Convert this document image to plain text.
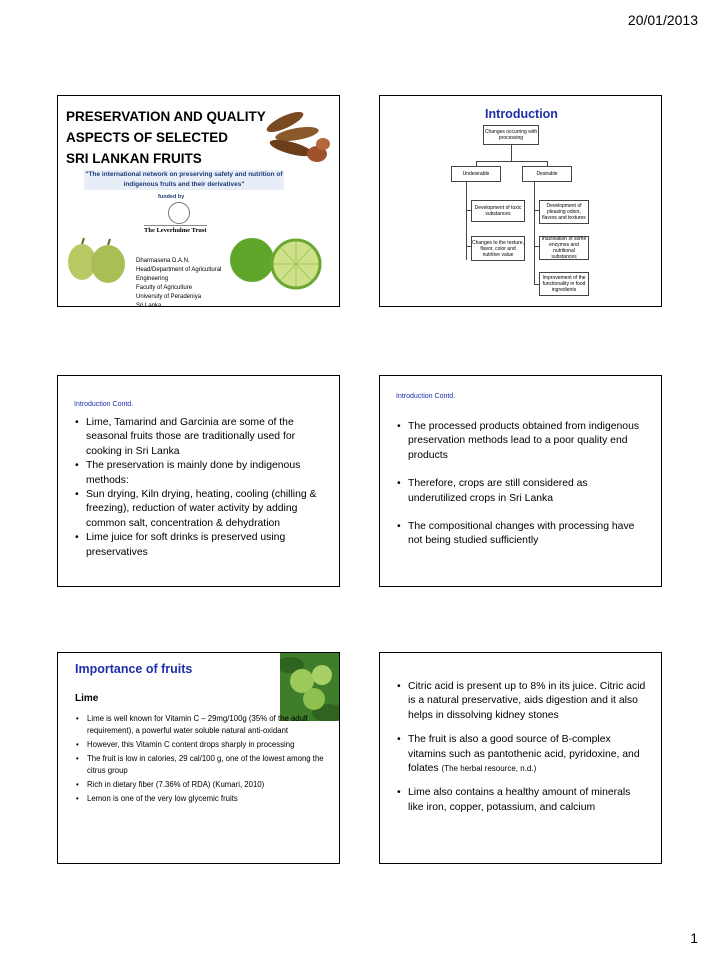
20/01/2013
PRESERVATION AND QUALITY
ASPECTS OF SELECTED
SRI LANKAN FRUITS
"The international network on preserving safety and nutrition of
indigenous fruits and their derivatives"
funded by
The Leverhulme Trust
Dharmasena D.A.N.
Head/Department of Agricultural
Engineering
Faculty of Agriculture
University of Peradeniya
Sri Lanka
Introduction
Changes occurring with processing
Undesirable	Desirable
Development of toxic substances
Changes to the texture, flavor, color and nutritive value
Development of pleasing odors, flavors and textures
Inactivation of some enzymes and nutritional substances
Improvement of the functionality in food ingredients
Introduction Contd.
• Lime, Tamarind and Garcinia are some of the seasonal fruits those are traditionally used for cooking in Sri Lanka
• The preservation is mainly done by indigenous methods:
• Sun drying, Kiln drying, heating, cooling (chilling & freezing), reduction of water activity by adding common salt, concentration & dehydration
• Lime juice for soft drinks is preserved using preservatives
Introduction Contd.
• The processed products obtained from indigenous preservation methods lead to a poor quality end products
• Therefore, crops are still considered as underutilized crops in Sri Lanka
• The compositional changes with processing have not being studied sufficiently
Importance of fruits
Lime
• Lime is well known for Vitamin C – 29mg/100g (35% of the adult requirement), a powerful water soluble natural anti-oxidant
• However, this Vitamin C content drops sharply in processing
• The fruit is low in calories, 29 cal/100 g, one of the lowest among the citrus group
• Rich in dietary fiber (7.36% of RDA) (Kumari, 2010)
• Lemon is one of the very low glycemic fruits
• Citric acid is present up to 8% in its juice. Citric acid is a natural preservative, aids digestion and it also helps in dissolving kidney stones
• The fruit is also a good source of B-complex vitamins such as pantothenic acid, pyridoxine, and folates (The herbal resource, n.d.)
• Lime also contains a healthy amount of minerals like iron, copper, potassium, and calcium
1
